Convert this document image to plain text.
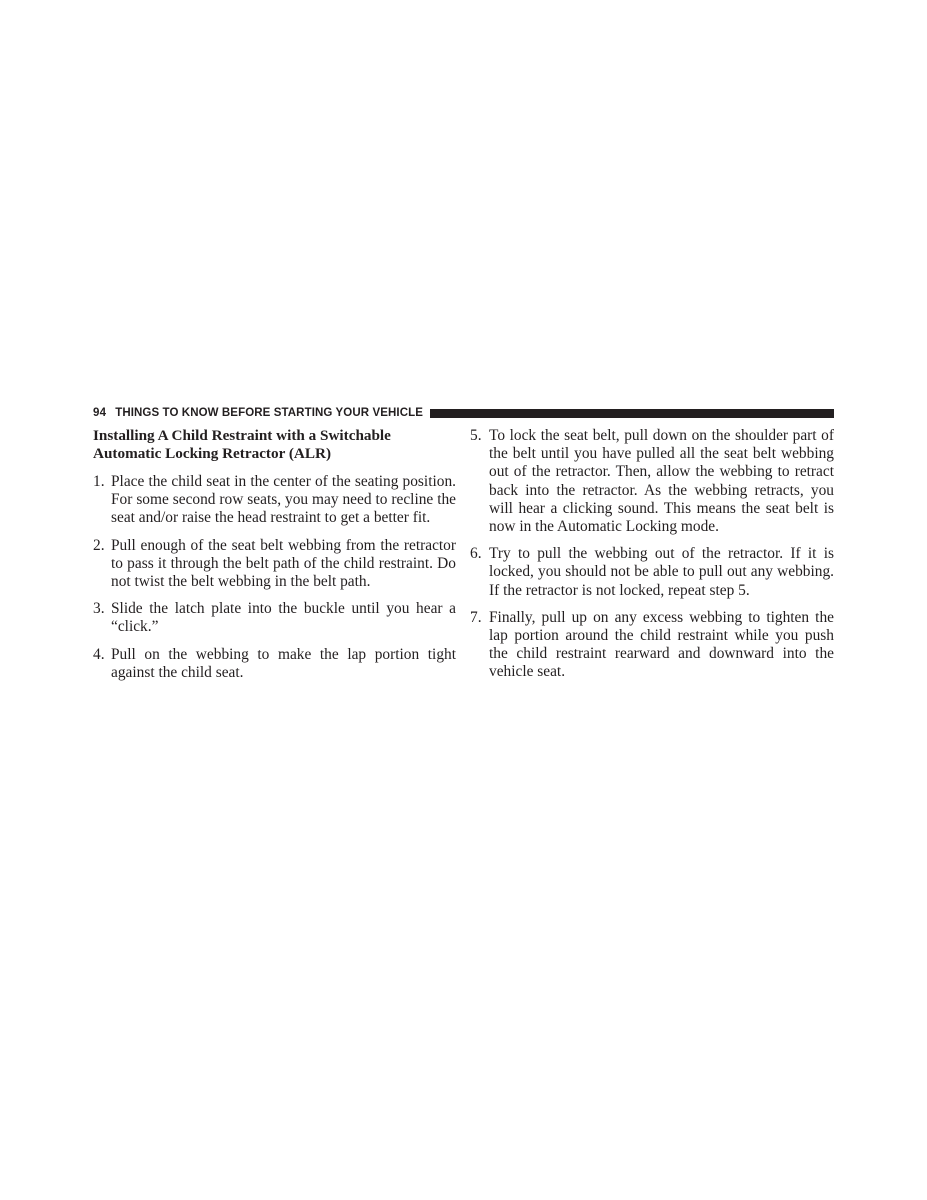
94 THINGS TO KNOW BEFORE STARTING YOUR VEHICLE
Installing A Child Restraint with a Switchable
Automatic Locking Retractor (ALR)
1. Place the child seat in the center of the seating position. For some second row seats, you may need to recline the seat and/or raise the head restraint to get a better fit.
2. Pull enough of the seat belt webbing from the retractor to pass it through the belt path of the child restraint. Do not twist the belt webbing in the belt path.
3. Slide the latch plate into the buckle until you hear a “click.”
4. Pull on the webbing to make the lap portion tight against the child seat.
5. To lock the seat belt, pull down on the shoulder part of the belt until you have pulled all the seat belt webbing out of the retractor. Then, allow the webbing to retract back into the retractor. As the webbing retracts, you will hear a clicking sound. This means the seat belt is now in the Automatic Locking mode.
6. Try to pull the webbing out of the retractor. If it is locked, you should not be able to pull out any webbing. If the retractor is not locked, repeat step 5.
7. Finally, pull up on any excess webbing to tighten the lap portion around the child restraint while you push the child restraint rearward and downward into the vehicle seat.
